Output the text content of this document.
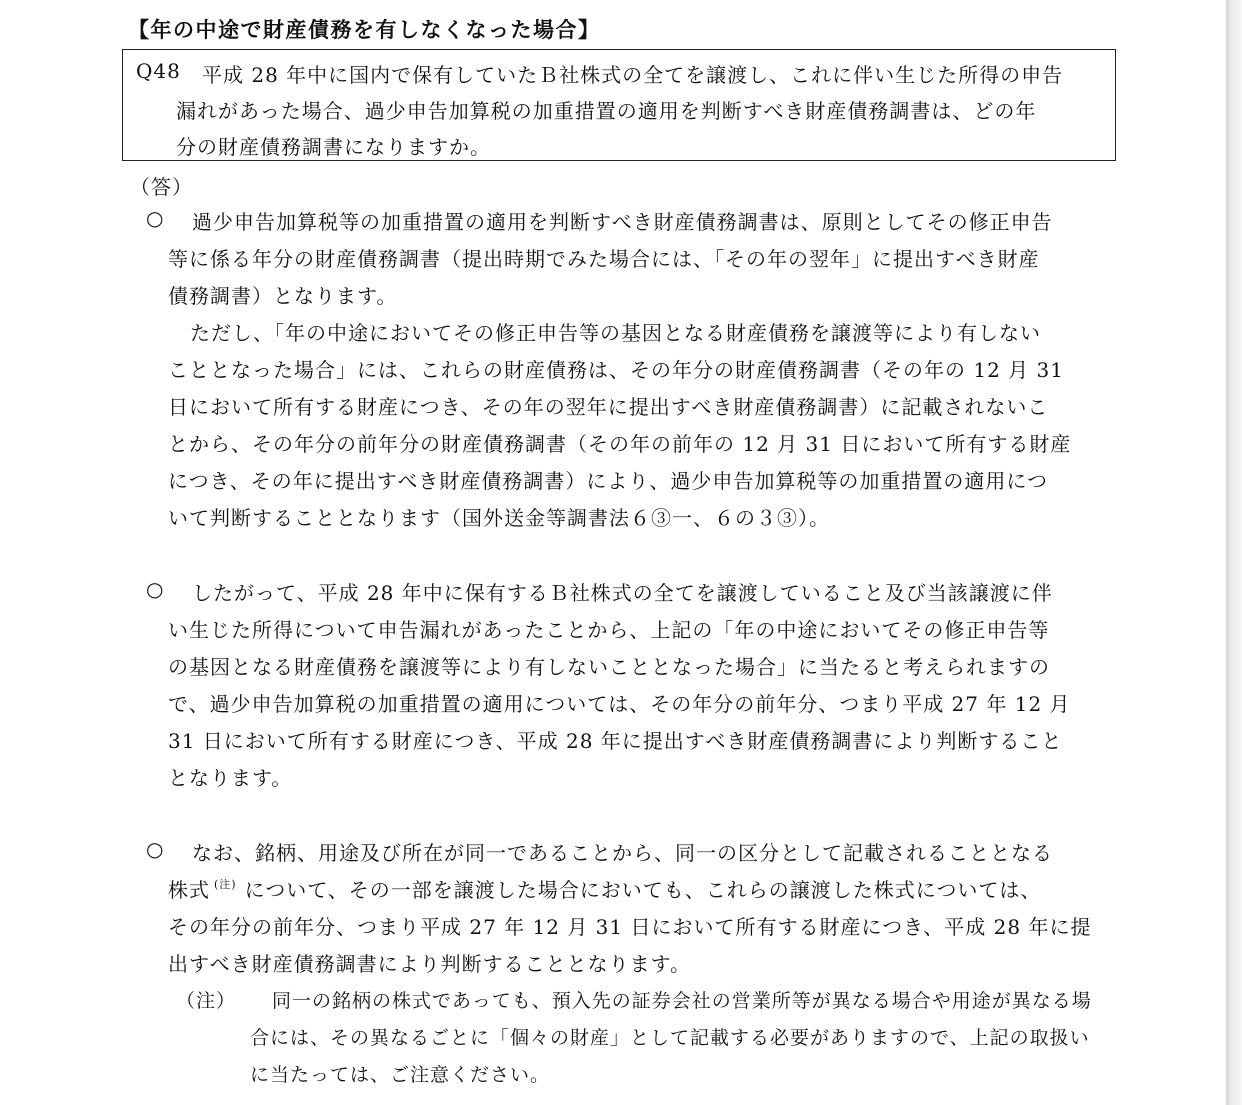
【年の中途で財産債務を有しなくなった場合】
Q48 平成 28 年中に国内で保有していたＢ社株式の全てを譲渡し、これに伴い生じた所得の申告
漏れがあった場合、過少申告加算税の加重措置の適用を判断すべき財産債務調書は、どの年
分の財産債務調書になりますか。
（答）
○ 過少申告加算税等の加重措置の適用を判断すべき財産債務調書は、原則としてその修正申告
等に係る年分の財産債務調書（提出時期でみた場合には、「その年の翌年」に提出すべき財産
債務調書）となります。
ただし、「年の中途においてその修正申告等の基因となる財産債務を譲渡等により有しない
こととなった場合」には、これらの財産債務は、その年分の財産債務調書（その年の 12 月 31
日において所有する財産につき、その年の翌年に提出すべき財産債務調書）に記載されないこ
とから、その年分の前年分の財産債務調書（その年の前年の 12 月 31 日において所有する財産
につき、その年に提出すべき財産債務調書）により、過少申告加算税等の加重措置の適用につ
いて判断することとなります（国外送金等調書法６③一、６の３③）。
○ したがって、平成 28 年中に保有するＢ社株式の全てを譲渡していること及び当該譲渡に伴
い生じた所得について申告漏れがあったことから、上記の「年の中途においてその修正申告等
の基因となる財産債務を譲渡等により有しないこととなった場合」に当たると考えられますの
で、過少申告加算税の加重措置の適用については、その年分の前年分、つまり平成 27 年 12 月
31 日において所有する財産につき、平成 28 年に提出すべき財産債務調書により判断すること
となります。
○ なお、銘柄、用途及び所在が同一であることから、同一の区分として記載されることとなる
株式 $^{(注)}$ について、その一部を譲渡した場合においても、これらの譲渡した株式については、
その年分の前年分、つまり平成 27 年 12 月 31 日において所有する財産につき、平成 28 年に提
出すべき財産債務調書により判断することとなります。
（注） 同一の銘柄の株式であっても、預入先の証券会社の営業所等が異なる場合や用途が異なる場
合には、その異なるごとに「個々の財産」として記載する必要がありますので、上記の取扱い
に当たっては、ご注意ください。
